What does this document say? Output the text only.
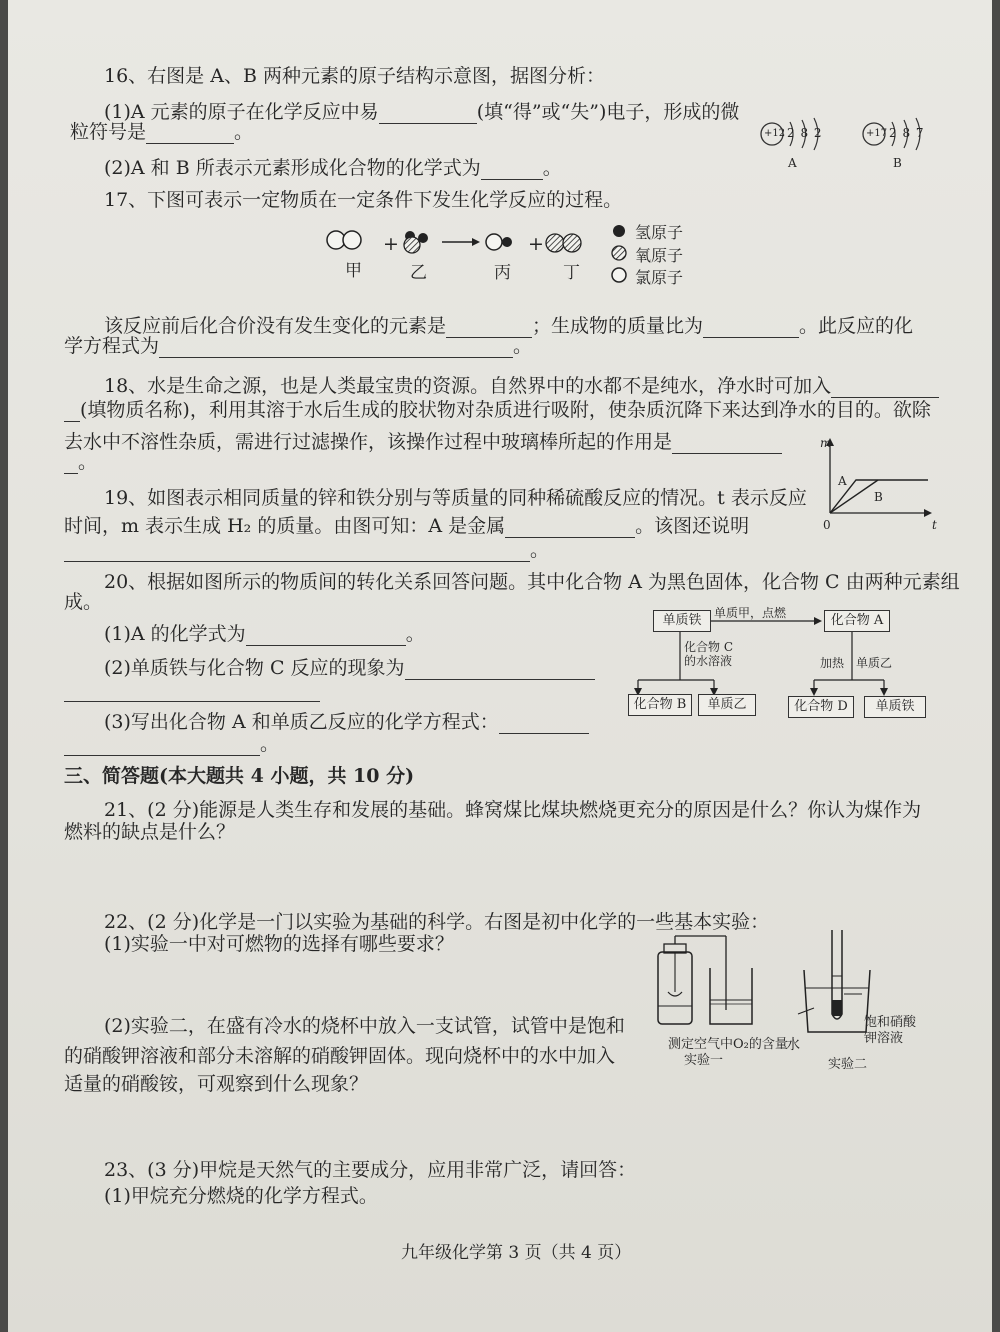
16、右图是 A、B 两种元素的原子结构示意图，据图分析：
(1)A 元素的原子在化学反应中易	(填“得”或“失”)电子，形成的微
粒符号是	。
(2)A 和 B 所表示元素形成化合物的化学式为	。
+12 2 8 2
A
+17 2 8 7
B
17、下图可表示一定物质在一定条件下发生化学反应的过程。
+	+
甲	乙	丙	丁
氢原子
氧原子
氯原子
该反应前后化合价没有发生变化的元素是	；生成物的质量比为	。此反应的化
学方程式为	。
18、水是生命之源，也是人类最宝贵的资源。自然界中的水都不是纯水，净水时可加入
(填物质名称)，利用其溶于水后生成的胶状物对杂质进行吸附，使杂质沉降下来达到净水的目的。欲除
去水中不溶性杂质，需进行过滤操作，该操作过程中玻璃棒所起的作用是
。
m
t
0
A
B
19、如图表示相同质量的锌和铁分别与等质量的同种稀硫酸反应的情况。t 表示反应
时间，m 表示生成 H₂ 的质量。由图可知：A 是金属	。该图还说明
。
20、根据如图所示的物质间的转化关系回答问题。其中化合物 A 为黑色固体，化合物 C 由两种元素组
成。
(1)A 的化学式为	。
(2)单质铁与化合物 C 反应的现象为
(3)写出化合物 A 和单质乙反应的化学方程式：
。
单质铁	单质甲，点燃	化合物 A
化合物 C
的水溶液	加热 单质乙
化合物 B	单质乙	化合物 D	单质铁
三、简答题(本大题共 4 小题，共 10 分)
21、(2 分)能源是人类生存和发展的基础。蜂窝煤比煤块燃烧更充分的原因是什么？你认为煤作为
燃料的缺点是什么？
22、(2 分)化学是一门以实验为基础的科学。右图是初中化学的一些基本实验：
(1)实验一中对可燃物的选择有哪些要求？
(2)实验二，在盛有冷水的烧杯中放入一支试管，试管中是饱和
的硝酸钾溶液和部分未溶解的硝酸钾固体。现向烧杯中的水中加入
适量的硝酸铵，可观察到什么现象？
测定空气中O₂的含量
实验一
水
饱和硝酸
钾溶液
实验二
23、(3 分)甲烷是天然气的主要成分，应用非常广泛，请回答：
(1)甲烷充分燃烧的化学方程式。
九年级化学第 3 页（共 4 页）
